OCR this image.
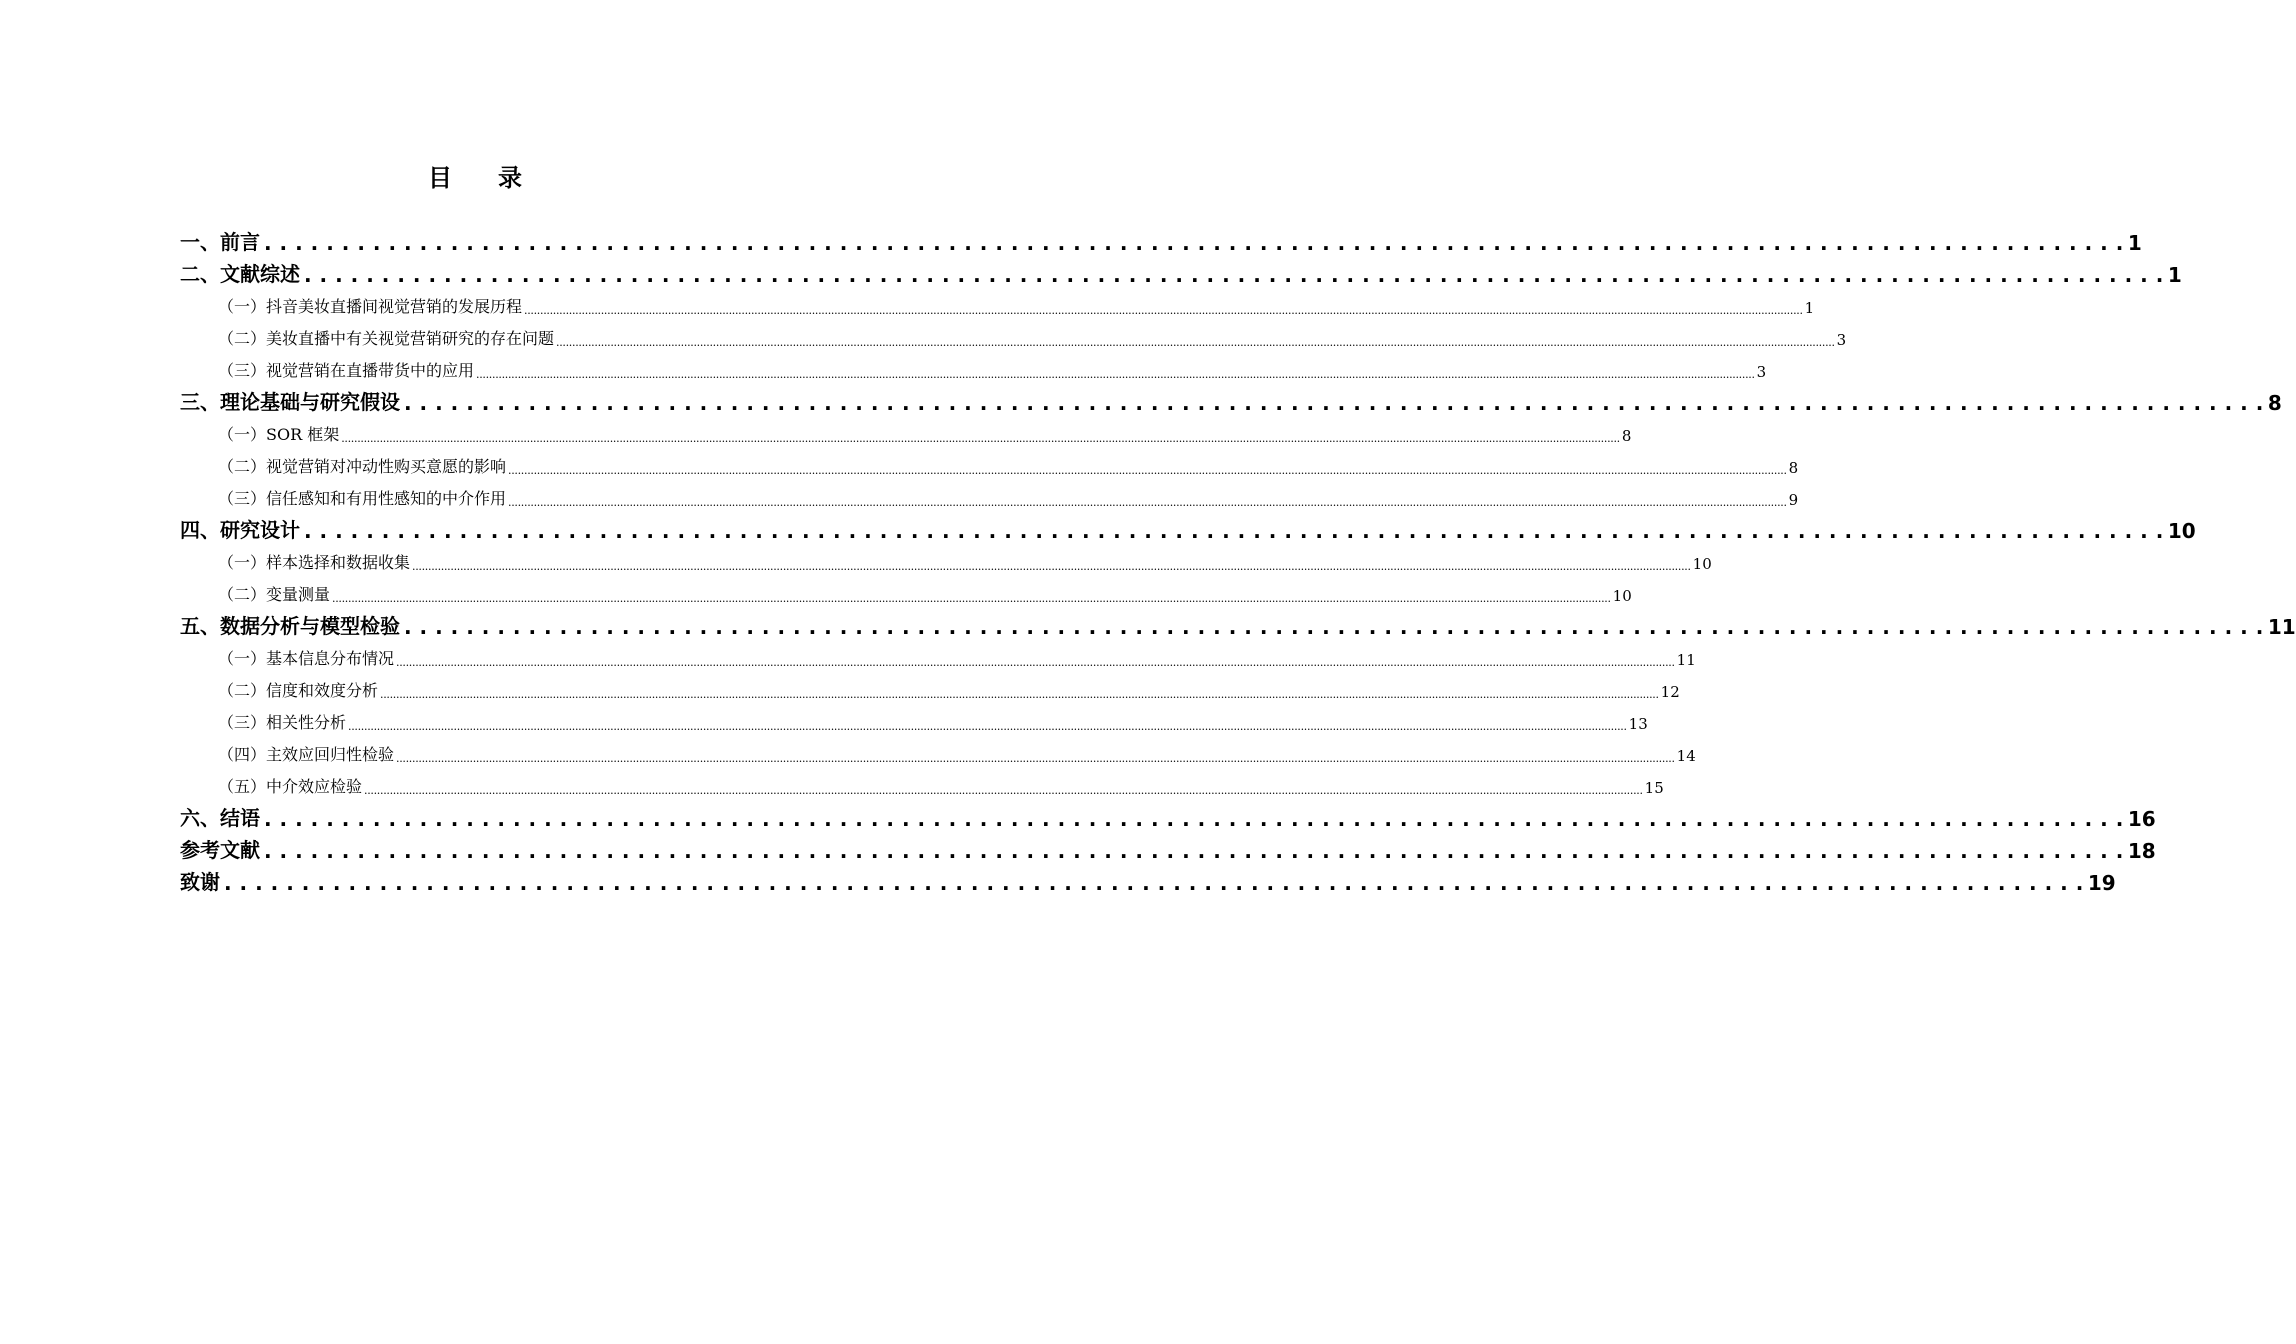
目 录
一、前言 . . . . . . . . . . . . . . . . . . . . . . . . . . . . . . . . . . . . . . . . . . . . . . . . . . . . . . . . . . . . . . . . . . . . . . . . . . . . . . . . . . . . . . . . . . . . . . . . . . . . . . . . . . . . . . . . . . . . . . . . 1
二、文献综述 . . . . . . . . . . . . . . . . . . . . . . . . . . . . . . . . . . . . . . . . . . . . . . . . . . . . . . . . . . . . . . . . . . . . . . . . . . . . . . . . . . . . . . . . . . . . . . . . . . . . . . . . . . . . . . . . . . . . . . . . 1
（一）抖音美妆直播间视觉营销的发展历程 ................................................................................................................................................................................................................................................................................................................................................................................................................ 1
（二）美妆直播中有关视觉营销研究的存在问题 ................................................................................................................................................................................................................................................................................................................................................................................................................ 3
（三）视觉营销在直播带货中的应用 ................................................................................................................................................................................................................................................................................................................................................................................................................ 3
三、理论基础与研究假设 . . . . . . . . . . . . . . . . . . . . . . . . . . . . . . . . . . . . . . . . . . . . . . . . . . . . . . . . . . . . . . . . . . . . . . . . . . . . . . . . . . . . . . . . . . . . . . . . . . . . . . . . . . . . . . . . . . . . . . . . 8
（一）SOR 框架 ................................................................................................................................................................................................................................................................................................................................................................................................................ 8
（二）视觉营销对冲动性购买意愿的影响 ................................................................................................................................................................................................................................................................................................................................................................................................................ 8
（三）信任感知和有用性感知的中介作用 ................................................................................................................................................................................................................................................................................................................................................................................................................ 9
四、研究设计 . . . . . . . . . . . . . . . . . . . . . . . . . . . . . . . . . . . . . . . . . . . . . . . . . . . . . . . . . . . . . . . . . . . . . . . . . . . . . . . . . . . . . . . . . . . . . . . . . . . . . . . . . . . . . . . . . . . . . . . . 10
（一）样本选择和数据收集 ................................................................................................................................................................................................................................................................................................................................................................................................................ 10
（二）变量测量 ................................................................................................................................................................................................................................................................................................................................................................................................................ 10
五、数据分析与模型检验 . . . . . . . . . . . . . . . . . . . . . . . . . . . . . . . . . . . . . . . . . . . . . . . . . . . . . . . . . . . . . . . . . . . . . . . . . . . . . . . . . . . . . . . . . . . . . . . . . . . . . . . . . . . . . . . . . . . . . . . . 11
（一）基本信息分布情况 ................................................................................................................................................................................................................................................................................................................................................................................................................ 11
（二）信度和效度分析 ................................................................................................................................................................................................................................................................................................................................................................................................................ 12
（三）相关性分析 ................................................................................................................................................................................................................................................................................................................................................................................................................ 13
（四）主效应回归性检验 ................................................................................................................................................................................................................................................................................................................................................................................................................ 14
（五）中介效应检验 ................................................................................................................................................................................................................................................................................................................................................................................................................ 15
六、结语 . . . . . . . . . . . . . . . . . . . . . . . . . . . . . . . . . . . . . . . . . . . . . . . . . . . . . . . . . . . . . . . . . . . . . . . . . . . . . . . . . . . . . . . . . . . . . . . . . . . . . . . . . . . . . . . . . . . . . . . . 16
参考文献 . . . . . . . . . . . . . . . . . . . . . . . . . . . . . . . . . . . . . . . . . . . . . . . . . . . . . . . . . . . . . . . . . . . . . . . . . . . . . . . . . . . . . . . . . . . . . . . . . . . . . . . . . . . . . . . . . . . . . . . . 18
致谢 . . . . . . . . . . . . . . . . . . . . . . . . . . . . . . . . . . . . . . . . . . . . . . . . . . . . . . . . . . . . . . . . . . . . . . . . . . . . . . . . . . . . . . . . . . . . . . . . . . . . . . . . . . . . . . . . . . . . . . . . 19
